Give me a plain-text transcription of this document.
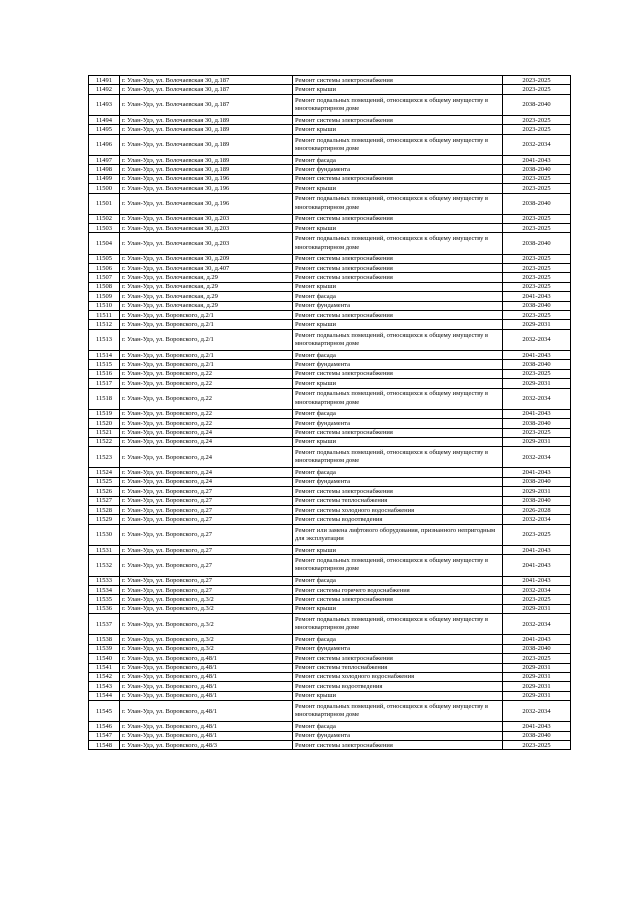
11491	г. Улан-Удэ, ул. Волочаевская 30, д.187	Ремонт системы электроснабжения	2023-2025
11492	г. Улан-Удэ, ул. Волочаевская 30, д.187	Ремонт крыши	2023-2025
11493	г. Улан-Удэ, ул. Волочаевская 30, д.187	Ремонт подвальных помещений, относящихся к общему имуществу в многоквартирном доме	2038-2040
11494	г. Улан-Удэ, ул. Волочаевская 30, д.189	Ремонт системы электроснабжения	2023-2025
11495	г. Улан-Удэ, ул. Волочаевская 30, д.189	Ремонт крыши	2023-2025
11496	г. Улан-Удэ, ул. Волочаевская 30, д.189	Ремонт подвальных помещений, относящихся к общему имуществу в многоквартирном доме	2032-2034
11497	г. Улан-Удэ, ул. Волочаевская 30, д.189	Ремонт фасада	2041-2043
11498	г. Улан-Удэ, ул. Волочаевская 30, д.189	Ремонт фундамента	2038-2040
11499	г. Улан-Удэ, ул. Волочаевская 30, д.196	Ремонт системы электроснабжения	2023-2025
11500	г. Улан-Удэ, ул. Волочаевская 30, д.196	Ремонт крыши	2023-2025
11501	г. Улан-Удэ, ул. Волочаевская 30, д.196	Ремонт подвальных помещений, относящихся к общему имуществу в многоквартирном доме	2038-2040
11502	г. Улан-Удэ, ул. Волочаевская 30, д.203	Ремонт системы электроснабжения	2023-2025
11503	г. Улан-Удэ, ул. Волочаевская 30, д.203	Ремонт крыши	2023-2025
11504	г. Улан-Удэ, ул. Волочаевская 30, д.203	Ремонт подвальных помещений, относящихся к общему имуществу в многоквартирном доме	2038-2040
11505	г. Улан-Удэ, ул. Волочаевская 30, д.209	Ремонт системы электроснабжения	2023-2025
11506	г. Улан-Удэ, ул. Волочаевская 30, д.407	Ремонт системы электроснабжения	2023-2025
11507	г. Улан-Удэ, ул. Волочаевская, д.29	Ремонт системы электроснабжения	2023-2025
11508	г. Улан-Удэ, ул. Волочаевская, д.29	Ремонт крыши	2023-2025
11509	г. Улан-Удэ, ул. Волочаевская, д.29	Ремонт фасада	2041-2043
11510	г. Улан-Удэ, ул. Волочаевская, д.29	Ремонт фундамента	2038-2040
11511	г. Улан-Удэ, ул. Воровского, д.2/1	Ремонт системы электроснабжения	2023-2025
11512	г. Улан-Удэ, ул. Воровского, д.2/1	Ремонт крыши	2029-2031
11513	г. Улан-Удэ, ул. Воровского, д.2/1	Ремонт подвальных помещений, относящихся к общему имуществу в многоквартирном доме	2032-2034
11514	г. Улан-Удэ, ул. Воровского, д.2/1	Ремонт фасада	2041-2043
11515	г. Улан-Удэ, ул. Воровского, д.2/1	Ремонт фундамента	2038-2040
11516	г. Улан-Удэ, ул. Воровского, д.22	Ремонт системы электроснабжения	2023-2025
11517	г. Улан-Удэ, ул. Воровского, д.22	Ремонт крыши	2029-2031
11518	г. Улан-Удэ, ул. Воровского, д.22	Ремонт подвальных помещений, относящихся к общему имуществу в многоквартирном доме	2032-2034
11519	г. Улан-Удэ, ул. Воровского, д.22	Ремонт фасада	2041-2043
11520	г. Улан-Удэ, ул. Воровского, д.22	Ремонт фундамента	2038-2040
11521	г. Улан-Удэ, ул. Воровского, д.24	Ремонт системы электроснабжения	2023-2025
11522	г. Улан-Удэ, ул. Воровского, д.24	Ремонт крыши	2029-2031
11523	г. Улан-Удэ, ул. Воровского, д.24	Ремонт подвальных помещений, относящихся к общему имуществу в многоквартирном доме	2032-2034
11524	г. Улан-Удэ, ул. Воровского, д.24	Ремонт фасада	2041-2043
11525	г. Улан-Удэ, ул. Воровского, д.24	Ремонт фундамента	2038-2040
11526	г. Улан-Удэ, ул. Воровского, д.27	Ремонт системы электроснабжения	2029-2031
11527	г. Улан-Удэ, ул. Воровского, д.27	Ремонт системы теплоснабжения	2038-2040
11528	г. Улан-Удэ, ул. Воровского, д.27	Ремонт системы холодного водоснабжения	2026-2028
11529	г. Улан-Удэ, ул. Воровского, д.27	Ремонт системы водоотведения	2032-2034
11530	г. Улан-Удэ, ул. Воровского, д.27	Ремонт или замена лифтового оборудования, признанного непригодным для эксплуатации	2023-2025
11531	г. Улан-Удэ, ул. Воровского, д.27	Ремонт крыши	2041-2043
11532	г. Улан-Удэ, ул. Воровского, д.27	Ремонт подвальных помещений, относящихся к общему имуществу в многоквартирном доме	2041-2043
11533	г. Улан-Удэ, ул. Воровского, д.27	Ремонт фасада	2041-2043
11534	г. Улан-Удэ, ул. Воровского, д.27	Ремонт системы горячего водоснабжения	2032-2034
11535	г. Улан-Удэ, ул. Воровского, д.3/2	Ремонт системы электроснабжения	2023-2025
11536	г. Улан-Удэ, ул. Воровского, д.3/2	Ремонт крыши	2029-2031
11537	г. Улан-Удэ, ул. Воровского, д.3/2	Ремонт подвальных помещений, относящихся к общему имуществу в многоквартирном доме	2032-2034
11538	г. Улан-Удэ, ул. Воровского, д.3/2	Ремонт фасада	2041-2043
11539	г. Улан-Удэ, ул. Воровского, д.3/2	Ремонт фундамента	2038-2040
11540	г. Улан-Удэ, ул. Воровского, д.48/1	Ремонт системы электроснабжения	2023-2025
11541	г. Улан-Удэ, ул. Воровского, д.48/1	Ремонт системы теплоснабжения	2029-2031
11542	г. Улан-Удэ, ул. Воровского, д.48/1	Ремонт системы холодного водоснабжения	2029-2031
11543	г. Улан-Удэ, ул. Воровского, д.48/1	Ремонт системы водоотведения	2029-2031
11544	г. Улан-Удэ, ул. Воровского, д.48/1	Ремонт крыши	2029-2031
11545	г. Улан-Удэ, ул. Воровского, д.48/1	Ремонт подвальных помещений, относящихся к общему имуществу в многоквартирном доме	2032-2034
11546	г. Улан-Удэ, ул. Воровского, д.48/1	Ремонт фасада	2041-2043
11547	г. Улан-Удэ, ул. Воровского, д.48/1	Ремонт фундамента	2038-2040
11548	г. Улан-Удэ, ул. Воровского, д.48/3	Ремонт системы электроснабжения	2023-2025
